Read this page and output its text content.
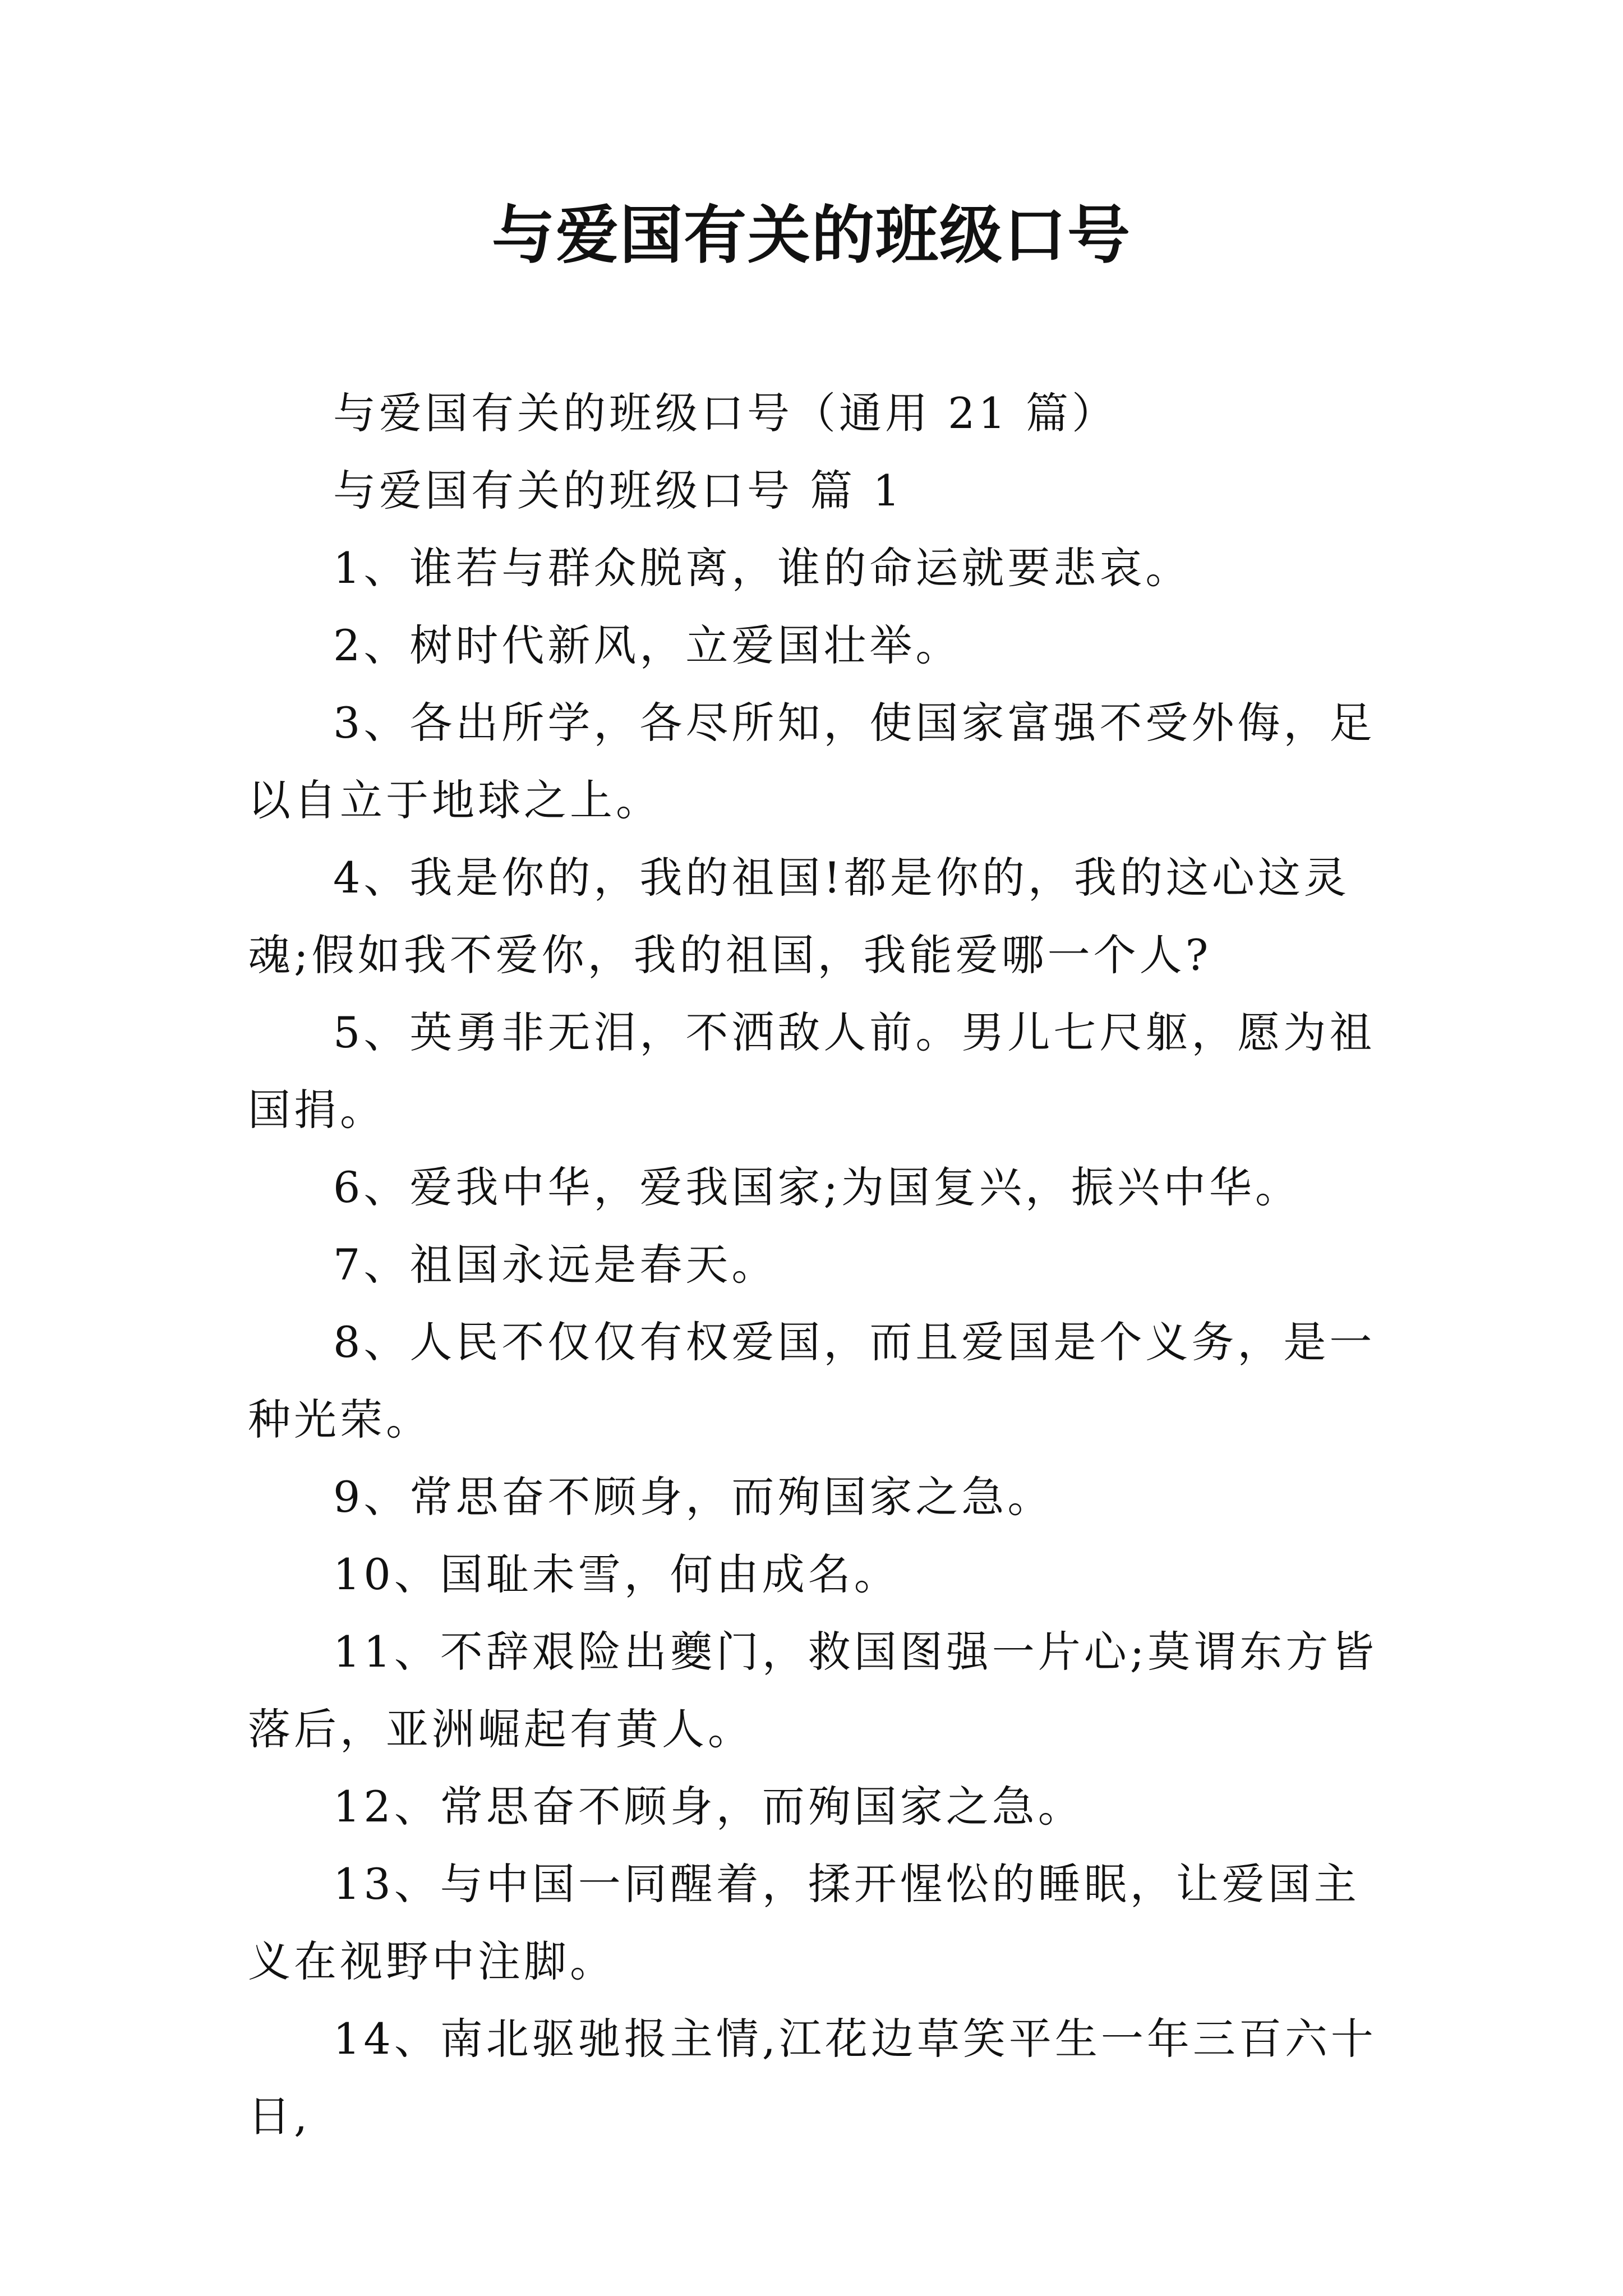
与爱国有关的班级口号

与爱国有关的班级口号（通用 21 篇）

与爱国有关的班级口号 篇 1

1、谁若与群众脱离，谁的命运就要悲哀。

2、树时代新风，立爱国壮举。

3、各出所学，各尽所知，使国家富强不受外侮，足以自立于地球之上。

4、我是你的，我的祖国!都是你的，我的这心这灵魂;假如我不爱你，我的祖国，我能爱哪一个人?

5、英勇非无泪，不洒敌人前。男儿七尺躯，愿为祖国捐。

6、爱我中华，爱我国家;为国复兴，振兴中华。

7、祖国永远是春天。

8、人民不仅仅有权爱国，而且爱国是个义务，是一种光荣。

9、常思奋不顾身，而殉国家之急。

10、国耻未雪，何由成名。

11、不辞艰险出夔门，救国图强一片心;莫谓东方皆落后，亚洲崛起有黄人。

12、常思奋不顾身，而殉国家之急。

13、与中国一同醒着，揉开惺忪的睡眠，让爱国主义在视野中注脚。

14、南北驱驰报主情,江花边草笑平生一年三百六十日,
